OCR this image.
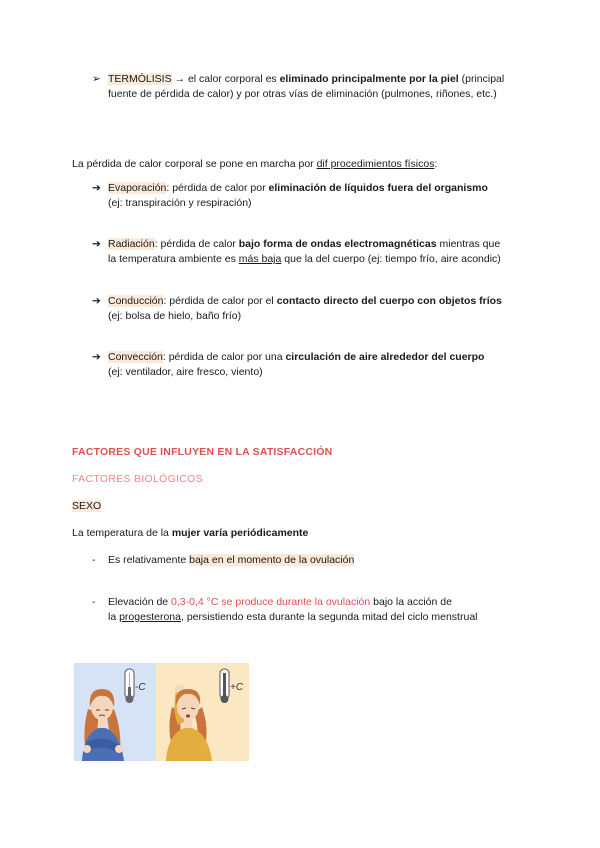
➢ TERMÓLISIS → el calor corporal es eliminado principalmente por la piel (principal
fuente de pérdida de calor) y por otras vías de eliminación (pulmones, riñones, etc.)
La pérdida de calor corporal se pone en marcha por dif procedimientos físicos:
➔ Evaporación: pérdida de calor por eliminación de líquidos fuera del organismo
(ej: transpiración y respiración)
➔ Radiación: pérdida de calor bajo forma de ondas electromagnéticas mientras que
la temperatura ambiente es más baja que la del cuerpo (ej: tiempo frío, aire acondic)
➔ Conducción: pérdida de calor por el contacto directo del cuerpo con objetos fríos
(ej: bolsa de hielo, baño frío)
➔ Convección: pérdida de calor por una circulación de aire alrededor del cuerpo
(ej: ventilador, aire fresco, viento)
FACTORES QUE INFLUYEN EN LA SATISFACCIÓN
FACTORES BIOLÓGICOS
SEXO
La temperatura de la mujer varía periódicamente
- Es relativamente baja en el momento de la ovulación
- Elevación de 0,3-0,4 °C se produce durante la ovulación bajo la acción de
la progesterona, persistiendo esta durante la segunda mitad del ciclo menstrual
-C	+C
